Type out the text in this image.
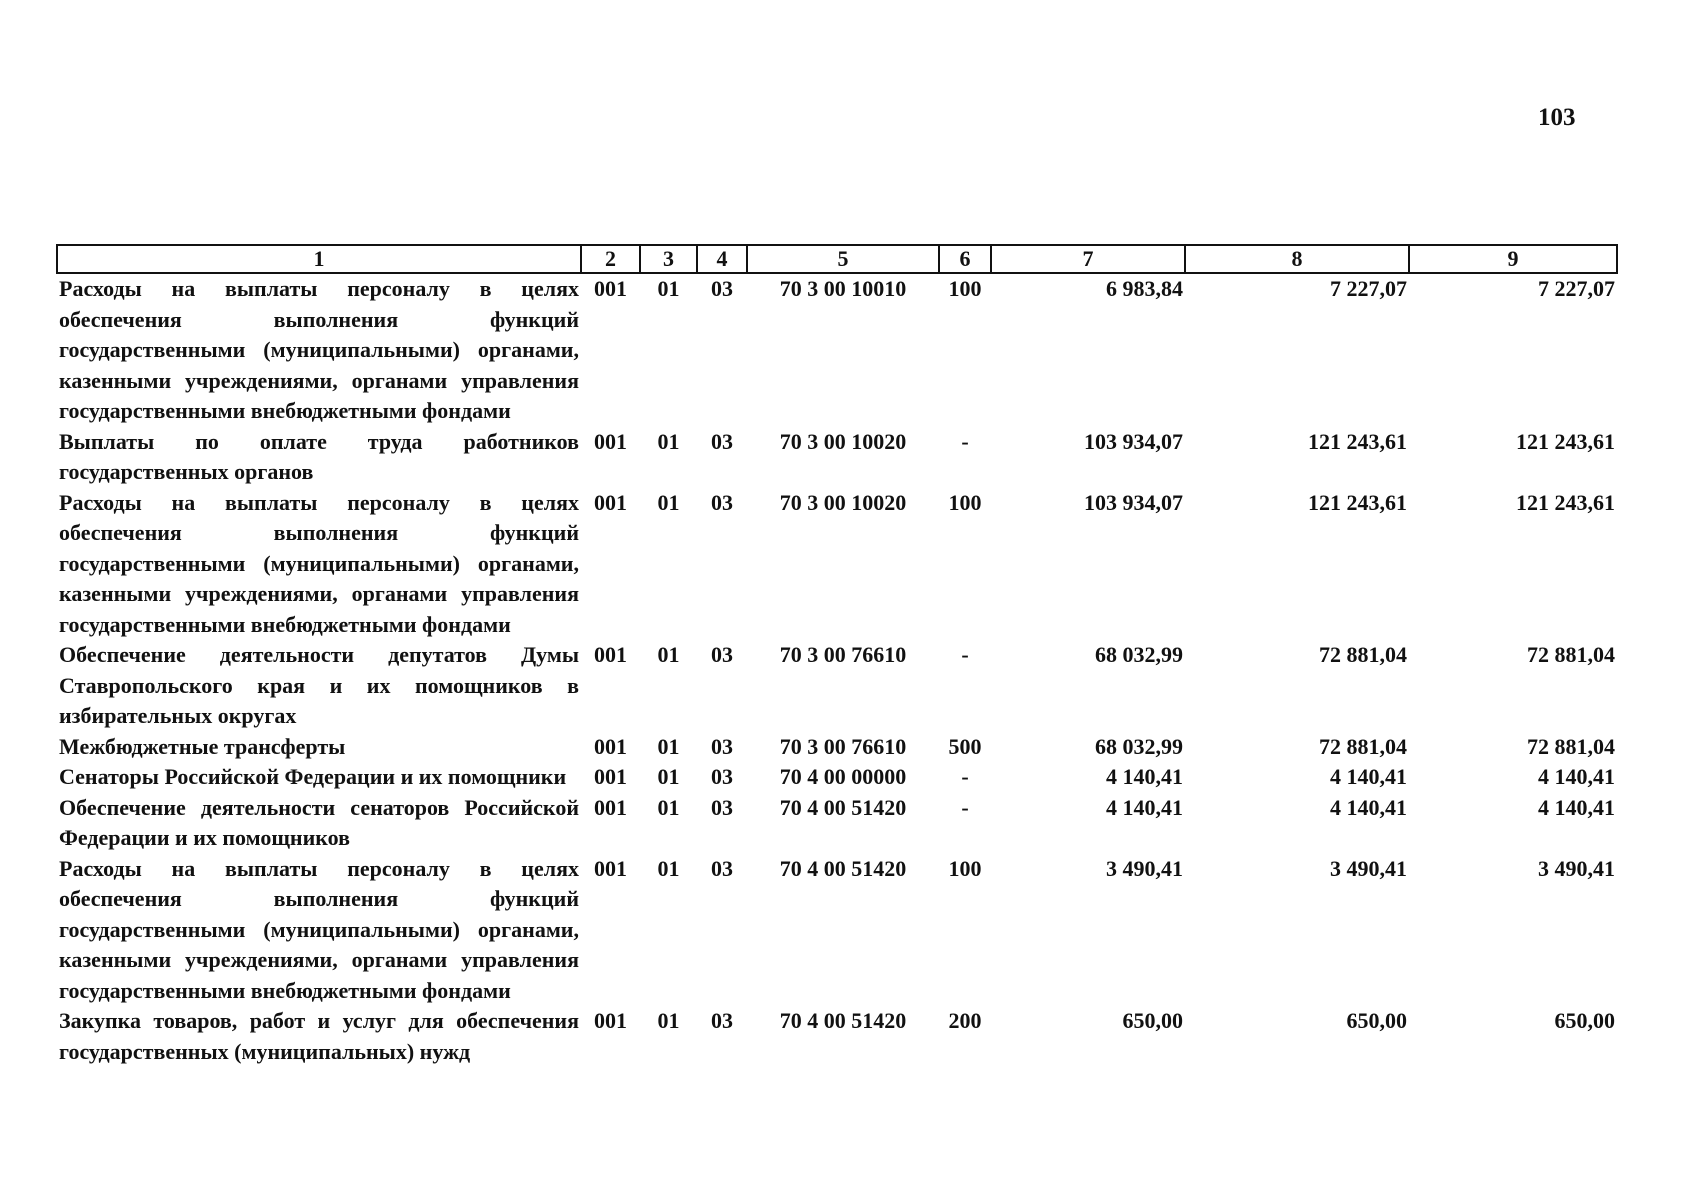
103
1	2	3	4	5	6	7	8	9
Расходы на выплаты персоналу в целях обеспечения выполнения функций государственными (муниципальными) органами, казенными учреждениями, органами управления государственными внебюджетными фондами	001	01	03	70 3 00 10010	100	6 983,84	7 227,07	7 227,07
Выплаты по оплате труда работников государственных органов	001	01	03	70 3 00 10020	-	103 934,07	121 243,61	121 243,61
Расходы на выплаты персоналу в целях обеспечения выполнения функций государственными (муниципальными) органами, казенными учреждениями, органами управления государственными внебюджетными фондами	001	01	03	70 3 00 10020	100	103 934,07	121 243,61	121 243,61
Обеспечение деятельности депутатов Думы Ставропольского края и их помощников в избирательных округах	001	01	03	70 3 00 76610	-	68 032,99	72 881,04	72 881,04
Межбюджетные трансферты	001	01	03	70 3 00 76610	500	68 032,99	72 881,04	72 881,04
Сенаторы Российской Федерации и их помощники	001	01	03	70 4 00 00000	-	4 140,41	4 140,41	4 140,41
Обеспечение деятельности сенаторов Российской Федерации и их помощников	001	01	03	70 4 00 51420	-	4 140,41	4 140,41	4 140,41
Расходы на выплаты персоналу в целях обеспечения выполнения функций государственными (муниципальными) органами, казенными учреждениями, органами управления государственными внебюджетными фондами	001	01	03	70 4 00 51420	100	3 490,41	3 490,41	3 490,41
Закупка товаров, работ и услуг для обеспечения государственных (муниципальных) нужд	001	01	03	70 4 00 51420	200	650,00	650,00	650,00
